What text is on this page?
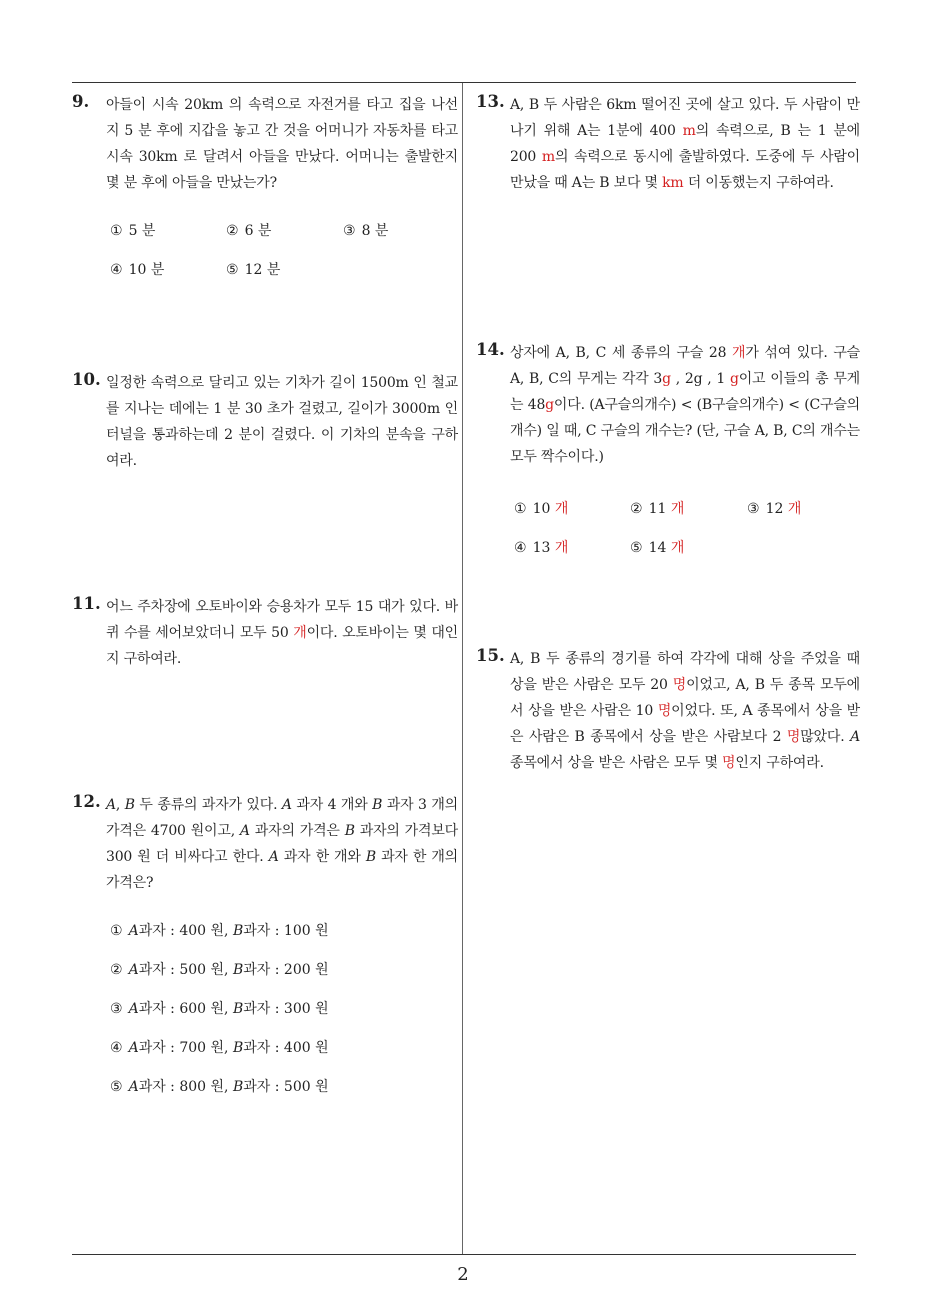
9. 아들이 시속 20km 의 속력으로 자전거를 타고 집을 나선 지 5 분 후에 지갑을 놓고 간 것을 어머니가 자동차를 타고 시속 30km 로 달려서 아들을 만났다. 어머니는 출발한지 몇 분 후에 아들을 만났는가?
① 5 분	② 6 분	③ 8 분
④ 10 분	⑤ 12 분
10. 일정한 속력으로 달리고 있는 기차가 길이 1500m 인 철교를 지나는 데에는 1 분 30 초가 걸렸고, 길이가 3000m 인 터널을 통과하는데 2 분이 걸렸다. 이 기차의 분속을 구하여라.
11. 어느 주차장에 오토바이와 승용차가 모두 15 대가 있다. 바퀴 수를 세어보았더니 모두 50 개이다. 오토바이는 몇 대인지 구하여라.
12. A, B 두 종류의 과자가 있다. A 과자 4 개와 B 과자 3 개의 가격은 4700 원이고, A 과자의 가격은 B 과자의 가격보다 300 원 더 비싸다고 한다. A 과자 한 개와 B 과자 한 개의 가격은?
① A과자 : 400 원, B과자 : 100 원
② A과자 : 500 원, B과자 : 200 원
③ A과자 : 600 원, B과자 : 300 원
④ A과자 : 700 원, B과자 : 400 원
⑤ A과자 : 800 원, B과자 : 500 원
13. A, B 두 사람은 6km 떨어진 곳에 살고 있다. 두 사람이 만나기 위해 A는 1분에 400 m의 속력으로, B 는 1 분에 200 m의 속력으로 동시에 출발하였다. 도중에 두 사람이 만났을 때 A는 B 보다 몇 km 더 이동했는지 구하여라.
14. 상자에 A, B, C 세 종류의 구슬 28 개가 섞여 있다. 구슬 A, B, C의 무게는 각각 3g , 2g , 1 g이고 이들의 총 무게는 48g이다. (A구슬의개수) < (B구슬의개수) < (C구슬의개수) 일 때, C 구슬의 개수는? (단, 구슬 A, B, C의 개수는 모두 짝수이다.)
① 10 개	② 11 개	③ 12 개
④ 13 개	⑤ 14 개
15. A, B 두 종류의 경기를 하여 각각에 대해 상을 주었을 때 상을 받은 사람은 모두 20 명이었고, A, B 두 종목 모두에서 상을 받은 사람은 10 명이었다. 또, A 종목에서 상을 받은 사람은 B 종목에서 상을 받은 사람보다 2 명많았다. A 종목에서 상을 받은 사람은 모두 몇 명인지 구하여라.
2
